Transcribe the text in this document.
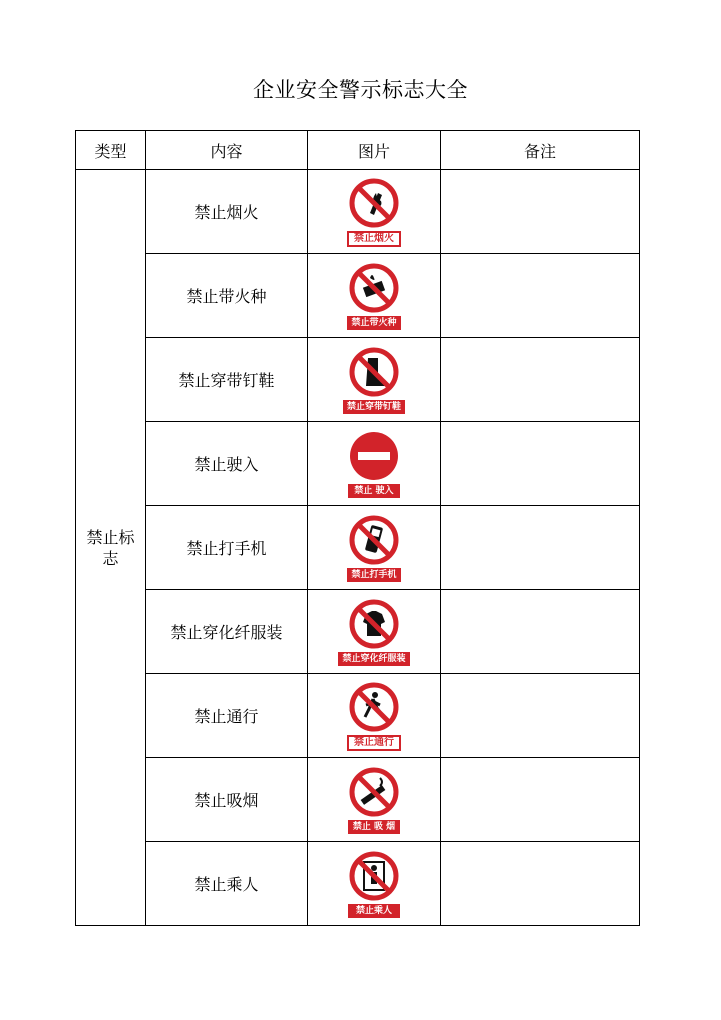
企业安全警示标志大全
类型	内容	图片	备注
禁止标志	禁止烟火	禁止烟火	

	禁止带火种	禁止带火种	

	禁止穿带钉鞋	禁止穿带钉鞋	

	禁止驶入	禁止 驶入	

	禁止打手机	禁止打手机	

	禁止穿化纤服装	禁止穿化纤服装	

	禁止通行	禁止通行	

	禁止吸烟	禁止 吸 烟	

	禁止乘人	禁止乘人	
